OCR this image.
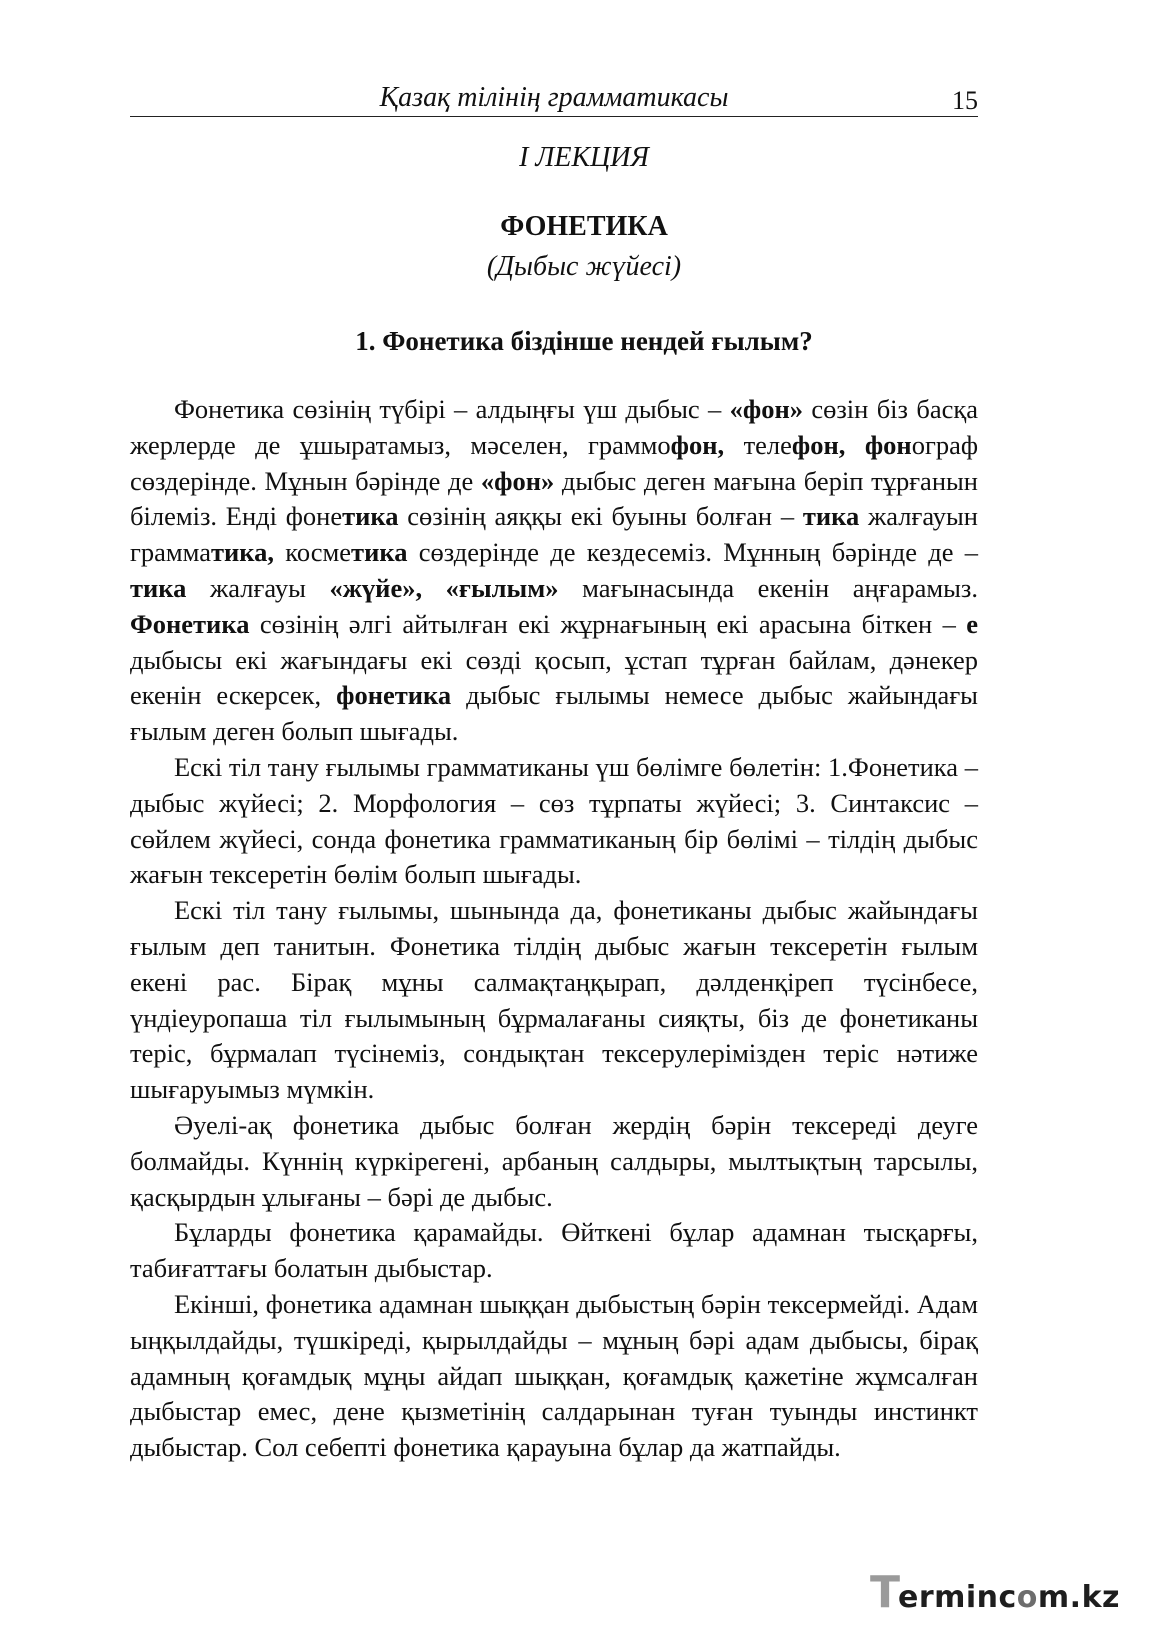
Қазақ тілінің грамматикасы	15
I ЛЕКЦИЯ
ФОНЕТИКА
(Дыбыс жүйесі)
1. Фонетика біздінше нендей ғылым?

Фонетика сөзінің түбірі – алдыңғы үш дыбыс – «фон» сөзін біз басқа жерлерде де ұшыратамыз, мәселен, граммофон, телефон, фонограф сөздерінде. Мұнын бәрінде де «фон» дыбыс деген мағына беріп тұрғанын білеміз. Енді фонетика сөзінің аяққы екі буыны болған – тика жалғауын грамматика, косметика сөздерінде де кездесеміз. Мұнның бәрінде де – тика жалғауы «жүйе», «ғылым» мағынасында екенін аңғарамыз. Фонетика сөзінің әлгі айтылған екі жұрнағының екі арасына біткен – е дыбысы екі жағындағы екі сөзді қосып, ұстап тұрған байлам, дәнекер екенін ескерсек, фонетика дыбыс ғылымы немесе дыбыс жайындағы ғылым деген болып шығады.

Ескі тіл тану ғылымы грамматиканы үш бөлімге бөлетін: 1.Фонетика – дыбыс жүйесі; 2. Морфология – сөз тұрпаты жүйесі; 3. Синтаксис – сөйлем жүйесі, сонда фонетика грамматиканың бір бөлімі – тілдің дыбыс жағын тексеретін бөлім болып шығады.

Ескі тіл тану ғылымы, шынында да, фонетиканы дыбыс жайындағы ғылым деп танитын. Фонетика тілдің дыбыс жағын тексеретін ғылым екені рас. Бірақ мұны салмақтаңқырап, дәлденқіреп түсінбесе, үндіеуропаша тіл ғылымының бұрмалағаны сияқты, біз де фонетиканы теріс, бұрмалап түсінеміз, сондықтан тексерулерімізден теріс нәтиже шығаруымыз мүмкін.

Әуелі-ақ фонетика дыбыс болған жердің бәрін тексереді деуге болмайды. Күннің күркірегені, арбаның салдыры, мылтықтың тарсылы, қасқырдын ұлығаны – бәрі де дыбыс.

Бұларды фонетика қарамайды. Өйткені бұлар адамнан тысқарғы, табиғаттағы болатын дыбыстар.

Екінші, фонетика адамнан шыққан дыбыстың бәрін тексермейді. Адам ыңқылдайды, түшкіреді, қырылдайды – мұның бәрі адам дыбысы, бірақ адамның қоғамдық мұңы айдап шыққан, қоғамдық қажетіне жұмсалған дыбыстар емес, дене қызметінің салдарынан туған туынды инстинкт дыбыстар. Сол себепті фонетика қарауына бұлар да жатпайды.

T
ermincom.kz
